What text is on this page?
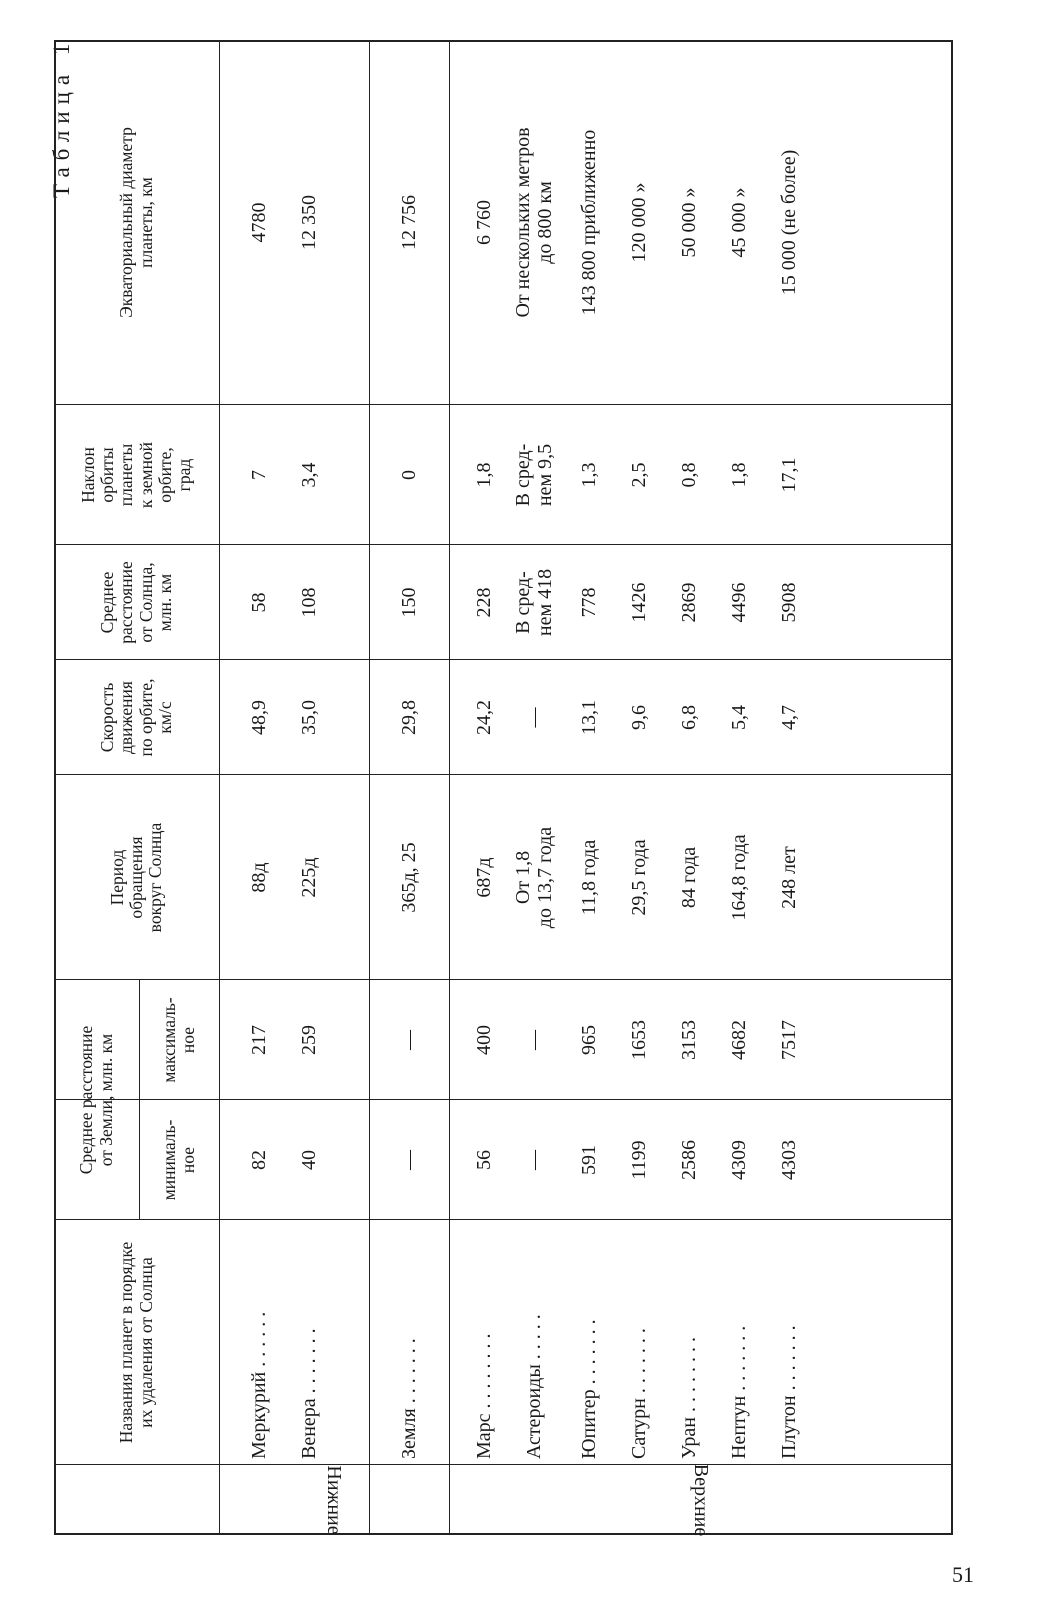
Таблица 1
Названия планет в порядке
их удаления от Солнца
Среднее расстояние
от Земли, млн. км
минималь-
ное
максималь-
ное
Период
обращения
вокруг Солнца
Скорость
движения
по орбите,
км/с
Среднее
расстояние
от Солнца,
млн. км
Наклон
орбиты
планеты
к земной
орбите,
град
Экваториальный диаметр
планеты, км
Нижние	Верхние
Меркурий . . . . . .
82
217
88д
48,9
58
7
4780
Венера . . . . . . .
40
259
225д
35,0
108
3,4
12 350
Земля . . . . . . .
—
—
365д, 25
29,8
150
0
12 756
Марс . . . . . . . .
56
400
687д
24,2
228
1,8
6 760
Астероиды . . . . .
—
—
От 1,8
до 13,7 года
—
В сред-
нем 418
В сред-
нем 9,5
От нескольких метров
до 800 км
Юпитер . . . . . . .
591
965
11,8 года
13,1
778
1,3
143 800 приближенно
Сатурн . . . . . . .
1199
1653
29,5 года
9,6
1426
2,5
120 000 »
Уран . . . . . . . .
2586
3153
84 года
6,8
2869
0,8
50 000 »
Нептун . . . . . . .
4309
4682
164,8 года
5,4
4496
1,8
45 000 »
Плутон . . . . . . .
4303
7517
248 лет
4,7
5908
17,1
15 000 (не более)
51
